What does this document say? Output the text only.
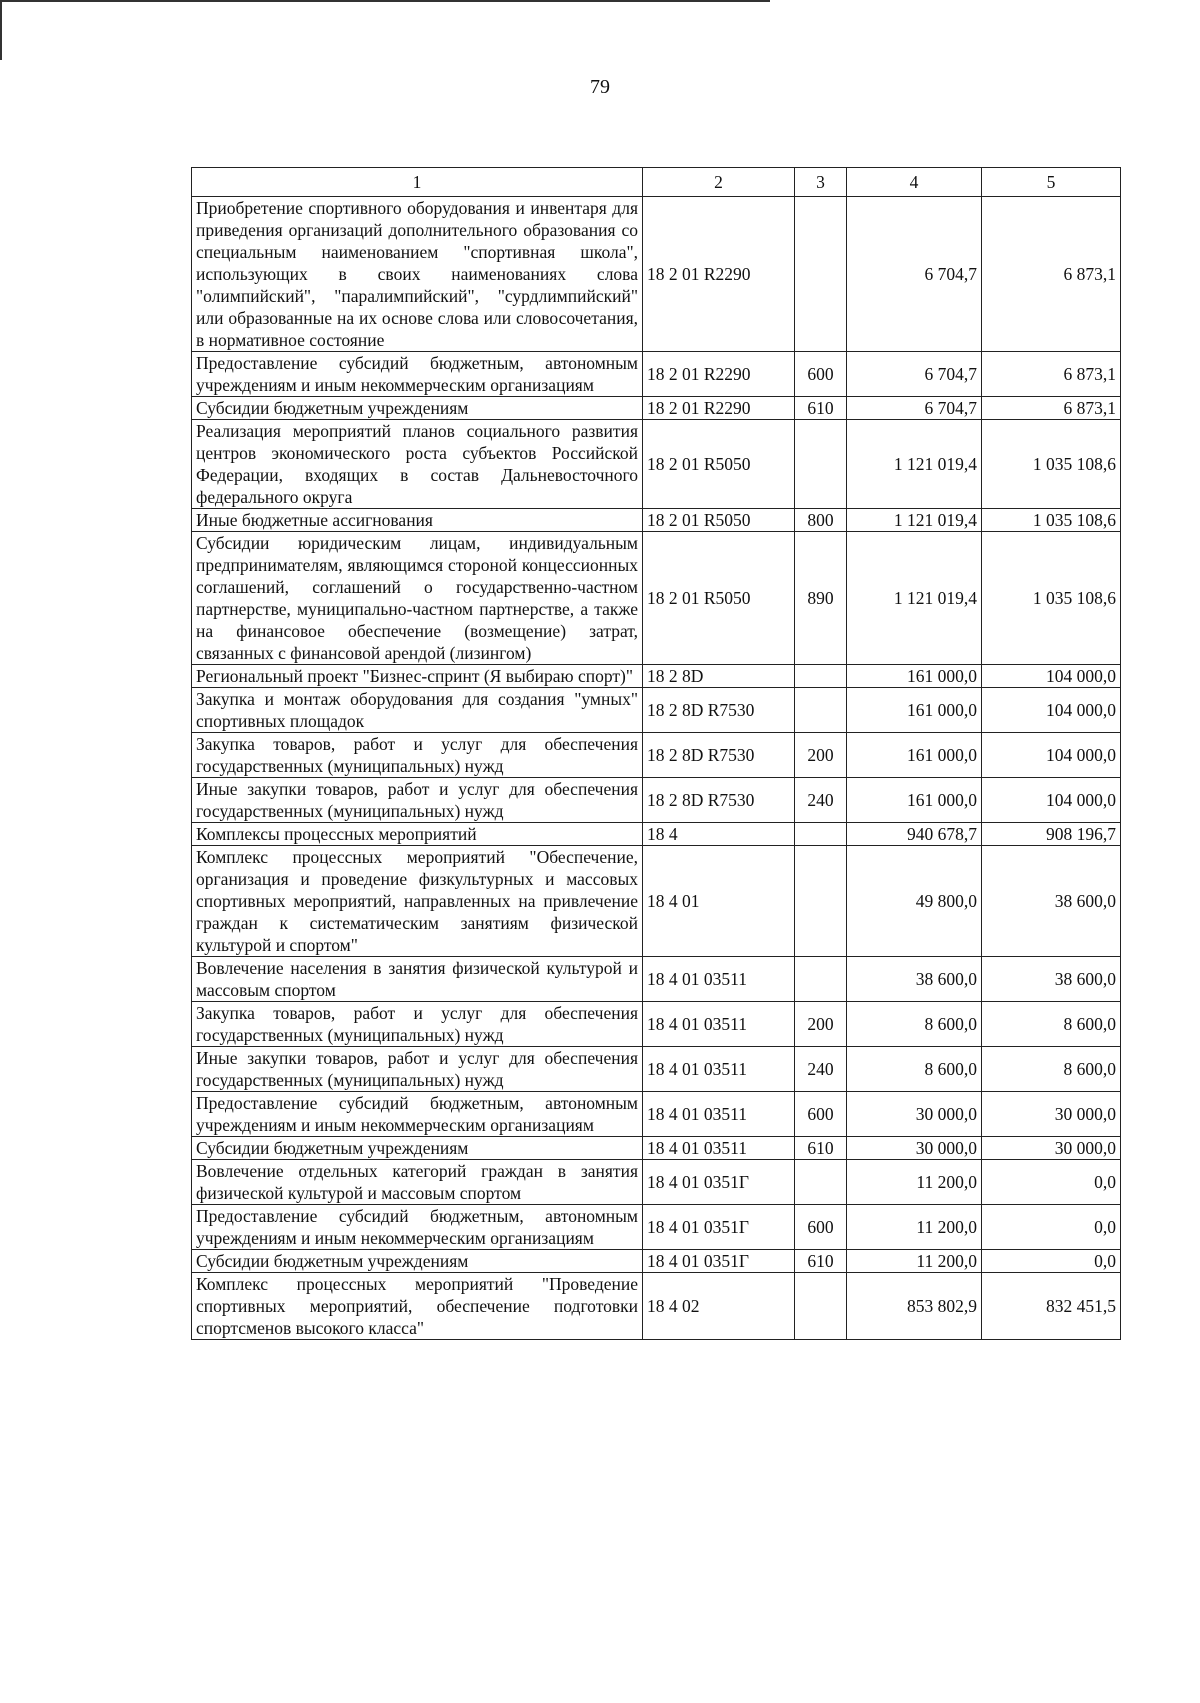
79
1	2	3	4	5
Приобретение спортивного оборудования и инвентаря для приведения организаций дополнительного образования со специальным наименованием "спортивная школа", использующих в своих наименованиях слова "олимпийский", "паралимпийский", "сурдлимпийский" или образованные на их основе слова или словосочетания, в нормативное состояние	18 2 01 R2290		6 704,7	6 873,1
Предоставление субсидий бюджетным, автономным учреждениям и иным некоммерческим организациям	18 2 01 R2290	600	6 704,7	6 873,1
Субсидии бюджетным учреждениям	18 2 01 R2290	610	6 704,7	6 873,1
Реализация мероприятий планов социального развития центров экономического роста субъектов Российской Федерации, входящих в состав Дальневосточного федерального округа	18 2 01 R5050		1 121 019,4	1 035 108,6
Иные бюджетные ассигнования	18 2 01 R5050	800	1 121 019,4	1 035 108,6
Субсидии юридическим лицам, индивидуальным предпринимателям, являющимся стороной концессионных соглашений, соглашений о государственно-частном партнерстве, муниципально-частном партнерстве, а также на финансовое обеспечение (возмещение) затрат, связанных с финансовой арендой (лизингом)	18 2 01 R5050	890	1 121 019,4	1 035 108,6
Региональный проект "Бизнес-спринт (Я выбираю спорт)"	18 2 8D		161 000,0	104 000,0
Закупка и монтаж оборудования для создания "умных" спортивных площадок	18 2 8D R7530		161 000,0	104 000,0
Закупка товаров, работ и услуг для обеспечения государственных (муниципальных) нужд	18 2 8D R7530	200	161 000,0	104 000,0
Иные закупки товаров, работ и услуг для обеспечения государственных (муниципальных) нужд	18 2 8D R7530	240	161 000,0	104 000,0
Комплексы процессных мероприятий	18 4		940 678,7	908 196,7
Комплекс процессных мероприятий "Обеспечение, организация и проведение физкультурных и массовых спортивных мероприятий, направленных на привлечение граждан к систематическим занятиям физической культурой и спортом"	18 4 01		49 800,0	38 600,0
Вовлечение населения в занятия физической культурой и массовым спортом	18 4 01 03511		38 600,0	38 600,0
Закупка товаров, работ и услуг для обеспечения государственных (муниципальных) нужд	18 4 01 03511	200	8 600,0	8 600,0
Иные закупки товаров, работ и услуг для обеспечения государственных (муниципальных) нужд	18 4 01 03511	240	8 600,0	8 600,0
Предоставление субсидий бюджетным, автономным учреждениям и иным некоммерческим организациям	18 4 01 03511	600	30 000,0	30 000,0
Субсидии бюджетным учреждениям	18 4 01 03511	610	30 000,0	30 000,0
Вовлечение отдельных категорий граждан в занятия физической культурой и массовым спортом	18 4 01 0351Г		11 200,0	0,0
Предоставление субсидий бюджетным, автономным учреждениям и иным некоммерческим организациям	18 4 01 0351Г	600	11 200,0	0,0
Субсидии бюджетным учреждениям	18 4 01 0351Г	610	11 200,0	0,0
Комплекс процессных мероприятий "Проведение спортивных мероприятий, обеспечение подготовки спортсменов высокого класса"	18 4 02		853 802,9	832 451,5
